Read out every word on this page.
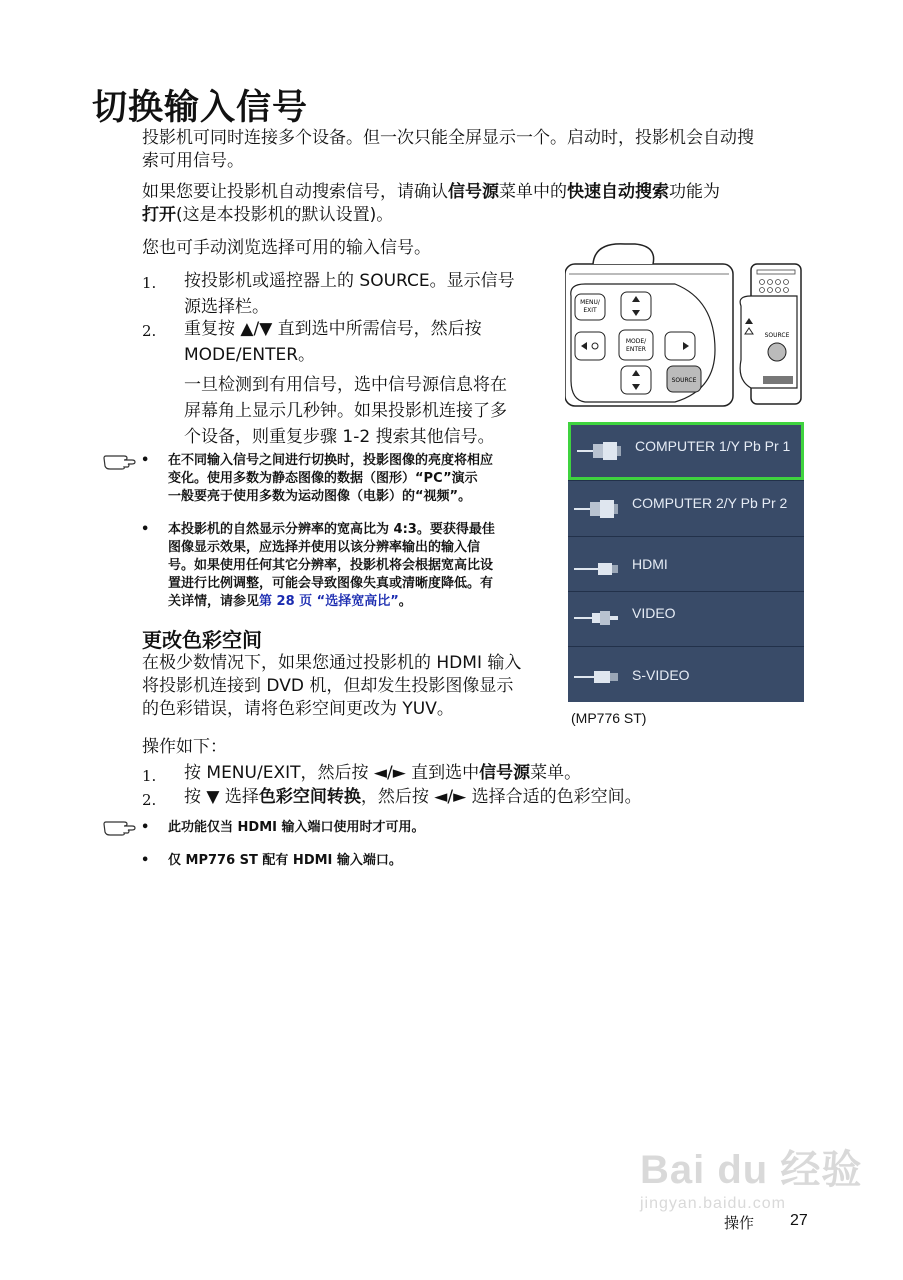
切换输入信号
投影机可同时连接多个设备。但一次只能全屏显示一个。启动时，投影机会自动搜
索可用信号。
如果您要让投影机自动搜索信号，请确认信号源菜单中的快速自动搜索功能为
打开(这是本投影机的默认设置)。
您也可手动浏览选择可用的输入信号。
1. 按投影机或遥控器上的 SOURCE。显示信号
源选择栏。
2. 重复按 ▲/▼ 直到选中所需信号，然后按
MODE/ENTER。
一旦检测到有用信号，选中信号源信息将在
屏幕角上显示几秒钟。如果投影机连接了多
个设备，则重复步骤 1-2 搜索其他信号。
• 在不同输入信号之间进行切换时，投影图像的亮度将相应
变化。使用多数为静态图像的数据（图形）“PC”演示
一般要亮于使用多数为运动图像（电影）的“视频”。
• 本投影机的自然显示分辨率的宽高比为 4:3。要获得最佳
图像显示效果，应选择并使用以该分辨率输出的输入信
号。如果使用任何其它分辨率，投影机将会根据宽高比设
置进行比例调整，可能会导致图像失真或清晰度降低。有
关详情，请参见第 28 页 “选择宽高比”。
更改色彩空间
在极少数情况下，如果您通过投影机的 HDMI 输入
将投影机连接到 DVD 机，但却发生投影图像显示
的色彩错误，请将色彩空间更改为 YUV。
操作如下：
1. 按 MENU/EXIT，然后按 ◄/► 直到选中信号源菜单。
2. 按 ▼ 选择色彩空间转换，然后按 ◄/► 选择合适的色彩空间。
• 此功能仅当 HDMI 输入端口使用时才可用。
• 仅 MP776 ST 配有 HDMI 输入端口。
MENU/
EXIT
MODE/
ENTER
SOURCE
SOURCE
COMPUTER 1/Y Pb Pr 1
COMPUTER 2/Y Pb Pr 2
HDMI
VIDEO
S-VIDEO
(MP776 ST)
Bai du 经验
jingyan.baidu.com
操作 27
